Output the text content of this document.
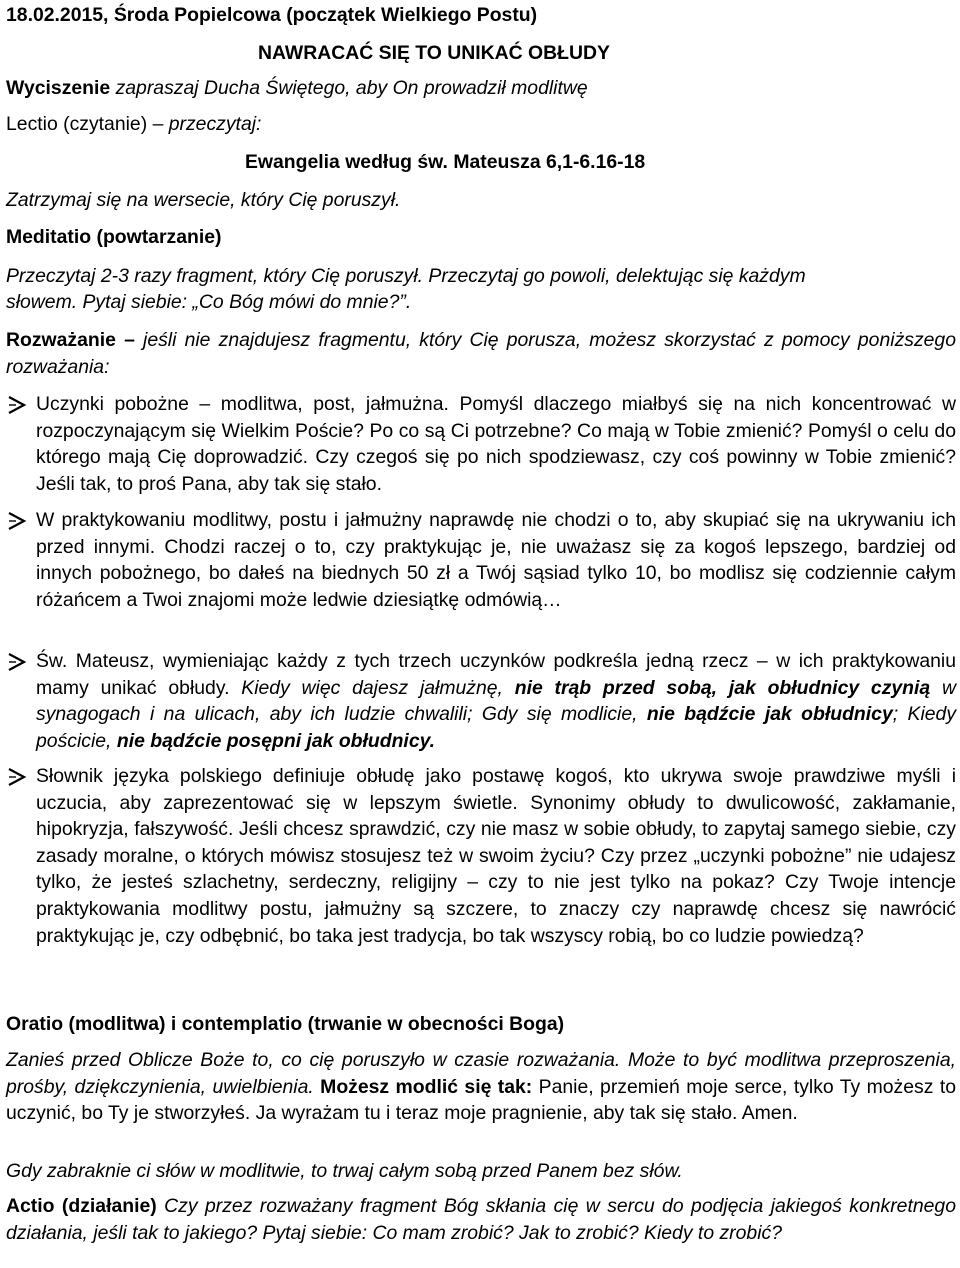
18.02.2015, Środa Popielcowa (początek Wielkiego Postu)
NAWRACAĆ SIĘ TO UNIKAĆ OBŁUDY
Wyciszenie zapraszaj Ducha Świętego, aby On prowadził modlitwę
Lectio (czytanie) – przeczytaj:
Ewangelia według św. Mateusza 6,1-6.16-18
Zatrzymaj się na wersecie, który Cię poruszył.
Meditatio (powtarzanie)
Przeczytaj 2-3 razy fragment, który Cię poruszył. Przeczytaj go powoli, delektując się każdym
słowem. Pytaj siebie: „Co Bóg mówi do mnie?”.
Rozważanie – jeśli nie znajdujesz fragmentu, który Cię porusza, możesz skorzystać z pomocy poniższego rozważania:
Uczynki pobożne – modlitwa, post, jałmużna. Pomyśl dlaczego miałbyś się na nich koncentrować w rozpoczynającym się Wielkim Poście? Po co są Ci potrzebne? Co mają w Tobie zmienić? Pomyśl o celu do którego mają Cię doprowadzić. Czy czegoś się po nich spodziewasz, czy coś powinny w Tobie zmienić? Jeśli tak, to proś Pana, aby tak się stało.
W praktykowaniu modlitwy, postu i jałmużny naprawdę nie chodzi o to, aby skupiać się na ukrywaniu ich przed innymi. Chodzi raczej o to, czy praktykując je, nie uważasz się za kogoś lepszego, bardziej od innych pobożnego, bo dałeś na biednych 50 zł a Twój sąsiad tylko 10, bo modlisz się codziennie całym różańcem a Twoi znajomi może ledwie dziesiątkę odmówią…
Św. Mateusz, wymieniając każdy z tych trzech uczynków podkreśla jedną rzecz – w ich praktykowaniu mamy unikać obłudy. Kiedy więc dajesz jałmużnę, nie trąb przed sobą, jak obłudnicy czynią w synagogach i na ulicach, aby ich ludzie chwalili; Gdy się modlicie, nie bądźcie jak obłudnicy; Kiedy pościcie, nie bądźcie posępni jak obłudnicy.
Słownik języka polskiego definiuje obłudę jako postawę kogoś, kto ukrywa swoje prawdziwe myśli i uczucia, aby zaprezentować się w lepszym świetle. Synonimy obłudy to dwulicowość, zakłamanie, hipokryzja, fałszywość. Jeśli chcesz sprawdzić, czy nie masz w sobie obłudy, to zapytaj samego siebie, czy zasady moralne, o których mówisz stosujesz też w swoim życiu? Czy przez „uczynki pobożne” nie udajesz tylko, że jesteś szlachetny, serdeczny, religijny – czy to nie jest tylko na pokaz? Czy Twoje intencje praktykowania modlitwy postu, jałmużny są szczere, to znaczy czy naprawdę chcesz się nawrócić praktykując je, czy odbębnić, bo taka jest tradycja, bo tak wszyscy robią, bo co ludzie powiedzą?
Oratio (modlitwa) i contemplatio (trwanie w obecności Boga)
Zanieś przed Oblicze Boże to, co cię poruszyło w czasie rozważania. Może to być modlitwa przeproszenia, prośby, dziękczynienia, uwielbienia. Możesz modlić się tak: Panie, przemień moje serce, tylko Ty możesz to uczynić, bo Ty je stworzyłeś. Ja wyrażam tu i teraz moje pragnienie, aby tak się stało. Amen.
Gdy zabraknie ci słów w modlitwie, to trwaj całym sobą przed Panem bez słów.
Actio (działanie) Czy przez rozważany fragment Bóg skłania cię w sercu do podjęcia jakiegoś konkretnego działania, jeśli tak to jakiego? Pytaj siebie: Co mam zrobić? Jak to zrobić? Kiedy to zrobić?
